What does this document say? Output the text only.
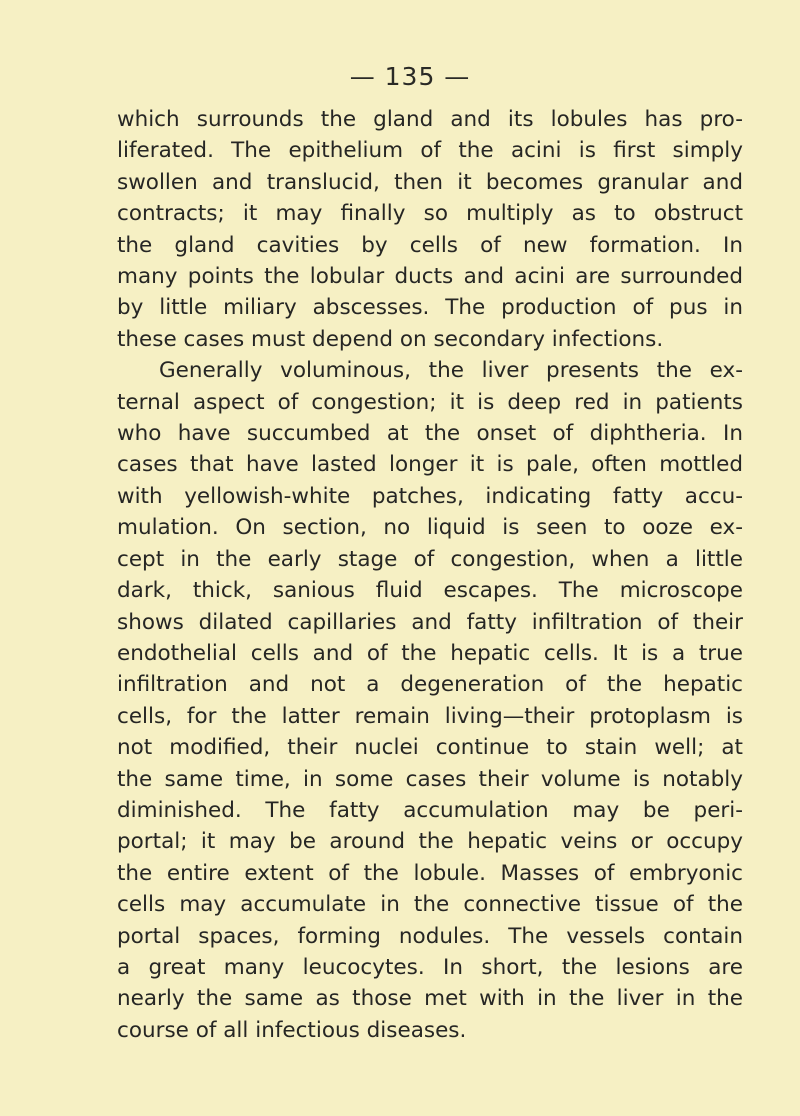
— 135 —
which surrounds the gland and its lobules has pro-
liferated. The epithelium of the acini is first simply
swollen and translucid, then it becomes granular and
contracts; it may finally so multiply as to obstruct
the gland cavities by cells of new formation. In
many points the lobular ducts and acini are surrounded
by little miliary abscesses. The production of pus in
these cases must depend on secondary infections.
Generally voluminous, the liver presents the ex-
ternal aspect of congestion; it is deep red in patients
who have succumbed at the onset of diphtheria. In
cases that have lasted longer it is pale, often mottled
with yellowish-white patches, indicating fatty accu-
mulation. On section, no liquid is seen to ooze ex-
cept in the early stage of congestion, when a little
dark, thick, sanious fluid escapes. The microscope
shows dilated capillaries and fatty infiltration of their
endothelial cells and of the hepatic cells. It is a true
infiltration and not a degeneration of the hepatic
cells, for the latter remain living—their protoplasm is
not modified, their nuclei continue to stain well; at
the same time, in some cases their volume is notably
diminished. The fatty accumulation may be peri-
portal; it may be around the hepatic veins or occupy
the entire extent of the lobule. Masses of embryonic
cells may accumulate in the connective tissue of the
portal spaces, forming nodules. The vessels contain
a great many leucocytes. In short, the lesions are
nearly the same as those met with in the liver in the
course of all infectious diseases.
